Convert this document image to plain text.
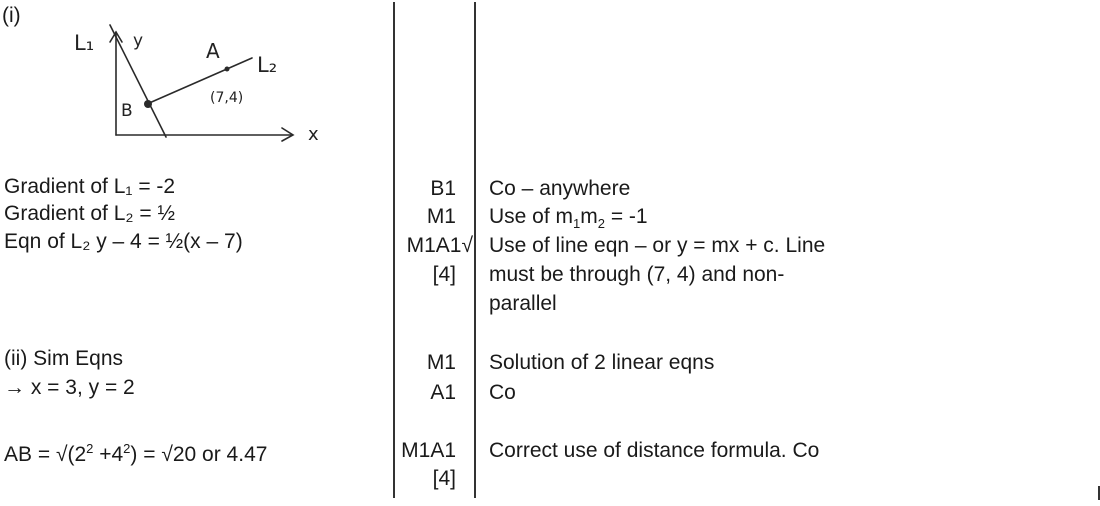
(i)
L₁ y	A
L₂
(7,4)
B
x
Gradient of L₁ = -2
Gradient of L₂ = ½
Eqn of L₂ y – 4 = ½(x – 7)
(ii) Sim Eqns
→ x = 3, y = 2
AB = $√(2^2 +4^2) = √20$ or 4.47
B1
M1
M1A1√
[4]
M1
A1
M1A1
[4]
Co – anywhere
Use of $m_1m_2 = -1$
Use of line eqn – or y = mx + c. Line
must be through (7, 4) and non-
parallel
Solution of 2 linear eqns
Co
Correct use of distance formula. Co
